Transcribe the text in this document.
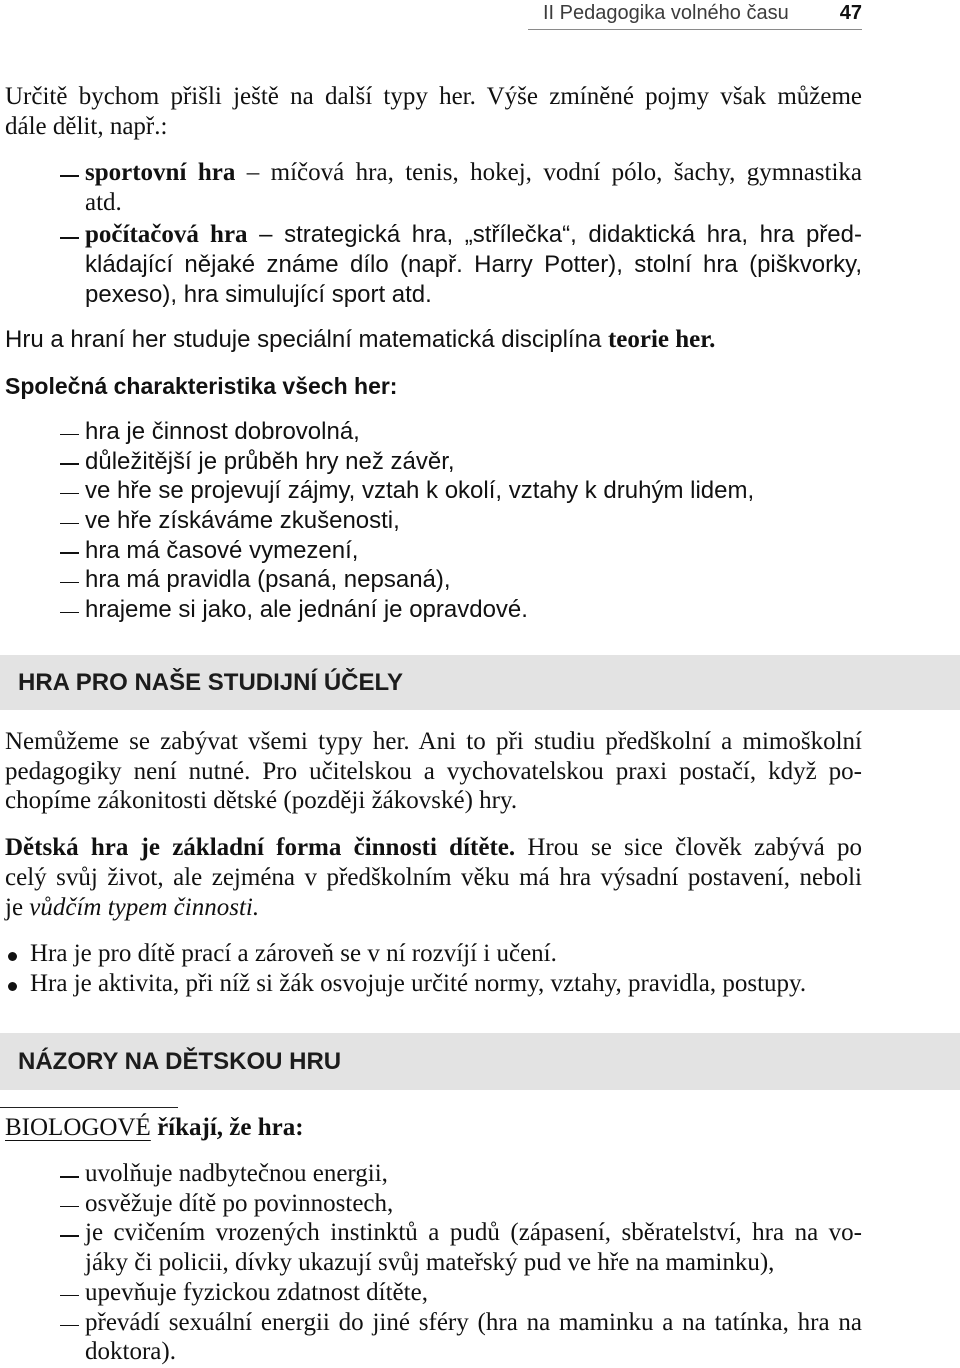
II Pedagogika volného času	47
Určitě bychom přišli ještě na další typy her. Výše zmíněné pojmy však můžeme
dále dělit, např.:
sportovní hra – míčová hra, tenis, hokej, vodní pólo, šachy, gymnastika
atd.
počítačová hra – strategická hra, „střílečka“, didaktická hra, hra před-
kládající nějaké známe dílo (např. Harry Potter), stolní hra (piškvorky,
pexeso), hra simulující sport atd.
Hru a hraní her studuje speciální matematická disciplína teorie her.
Společná charakteristika všech her:
hra je činnost dobrovolná,
důležitější je průběh hry než závěr,
ve hře se projevují zájmy, vztah k okolí, vztahy k druhým lidem,
ve hře získáváme zkušenosti,
hra má časové vymezení,
hra má pravidla (psaná, nepsaná),
hrajeme si jako, ale jednání je opravdové.
HRA PRO NAŠE STUDIJNÍ ÚČELY
Nemůžeme se zabývat všemi typy her. Ani to při studiu předškolní a mimoškolní
pedagogiky není nutné. Pro učitelskou a vychovatelskou praxi postačí, když po-
chopíme zákonitosti dětské (později žákovské) hry.
Dětská hra je základní forma činnosti dítěte. Hrou se sice člověk zabývá po
celý svůj život, ale zejména v předškolním věku má hra výsadní postavení, neboli
je vůdčím typem činnosti.
Hra je pro dítě prací a zároveň se v ní rozvíjí i učení.
Hra je aktivita, při níž si žák osvojuje určité normy, vztahy, pravidla, postupy.
NÁZORY NA DĚTSKOU HRU
BIOLOGOVÉ říkají, že hra:
uvolňuje nadbytečnou energii,
osvěžuje dítě po povinnostech,
je cvičením vrozených instinktů a pudů (zápasení, sběratelství, hra na vo-
jáky či policii, dívky ukazují svůj mateřský pud ve hře na maminku),
upevňuje fyzickou zdatnost dítěte,
převádí sexuální energii do jiné sféry (hra na maminku a na tatínka, hra na
doktora).
